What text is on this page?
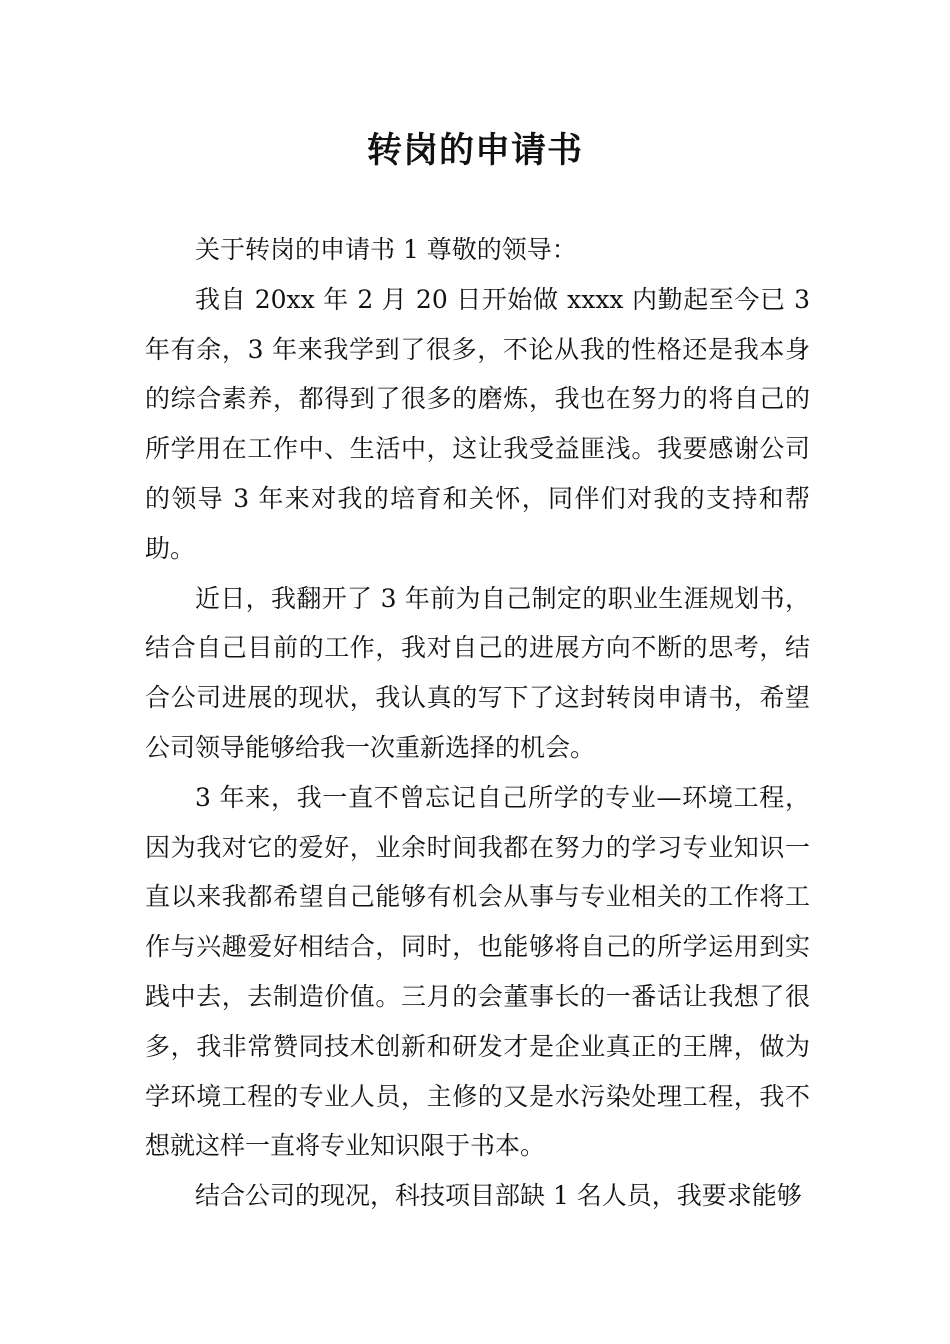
转岗的申请书

关于转岗的申请书 1 尊敬的领导：

我自 20xx 年 2 月 20 日开始做 xxxx 内勤起至今已 3 年有余，3 年来我学到了很多，不论从我的性格还是我本身的综合素养，都得到了很多的磨炼，我也在努力的将自己的所学用在工作中、生活中，这让我受益匪浅。我要感谢公司的领导 3 年来对我的培育和关怀，同伴们对我的支持和帮助。

近日，我翻开了 3 年前为自己制定的职业生涯规划书，结合自己目前的工作，我对自己的进展方向不断的思考，结合公司进展的现状，我认真的写下了这封转岗申请书，希望公司领导能够给我一次重新选择的机会。

3 年来，我一直不曾忘记自己所学的专业—环境工程，因为我对它的爱好，业余时间我都在努力的学习专业知识一直以来我都希望自己能够有机会从事与专业相关的工作将工作与兴趣爱好相结合，同时，也能够将自己的所学运用到实践中去，去制造价值。三月的会董事长的一番话让我想了很多，我非常赞同技术创新和研发才是企业真正的王牌，做为学环境工程的专业人员，主修的又是水污染处理工程，我不想就这样一直将专业知识限于书本。

结合公司的现况，科技项目部缺 1 名人员，我要求能够
